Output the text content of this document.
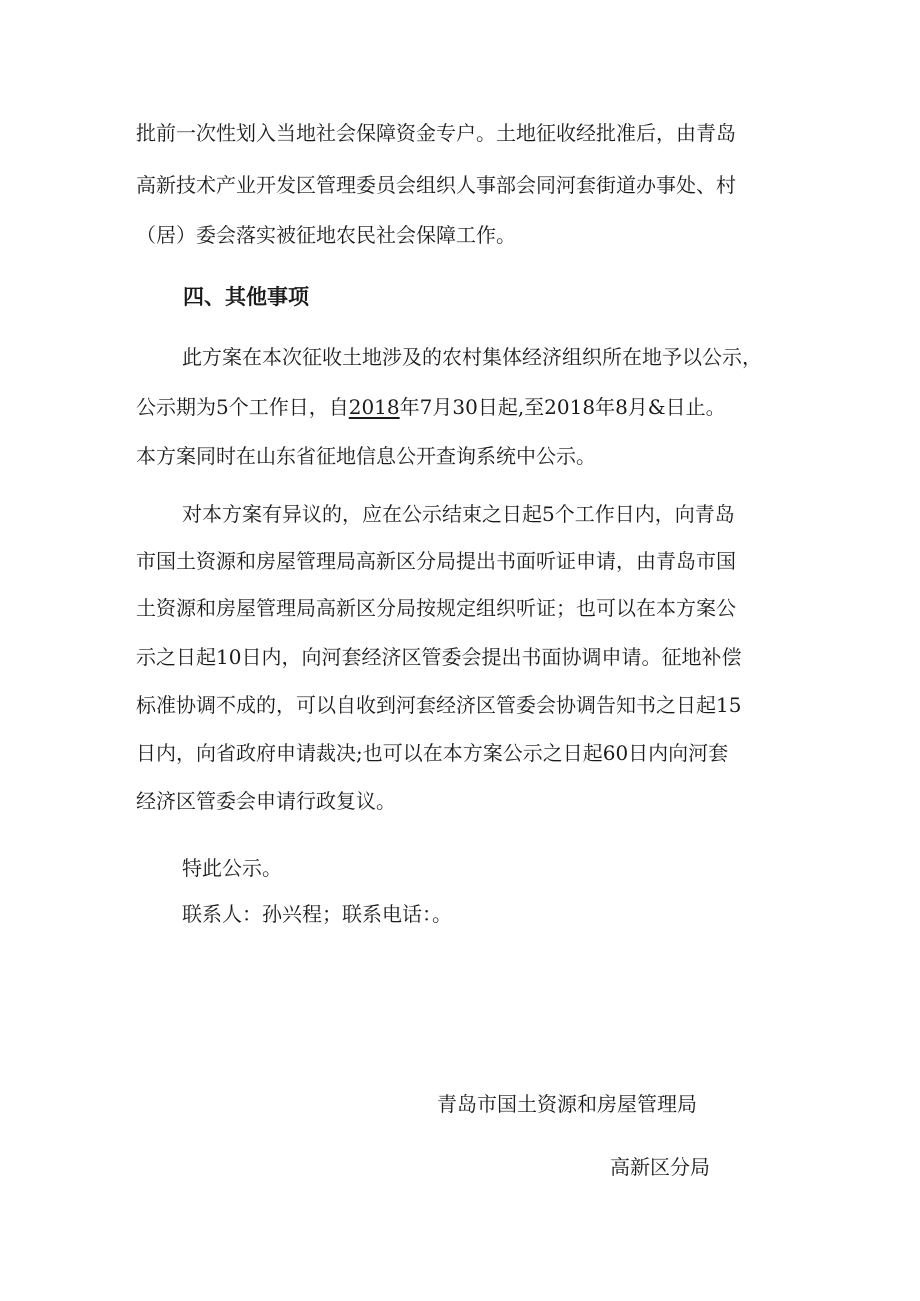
批前一次性划入当地社会保障资金专户。土地征收经批准后，由青岛
高新技术产业开发区管理委员会组织人事部会同河套街道办事处、村
（居）委会落实被征地农民社会保障工作。
四、其他事项
此方案在本次征收土地涉及的农村集体经济组织所在地予以公示，
公示期为5个工作日，自2018年7月30日起,至2018年8月&日止。
本方案同时在山东省征地信息公开查询系统中公示。
对本方案有异议的，应在公示结束之日起5个工作日内，向青岛
市国土资源和房屋管理局高新区分局提出书面听证申请，由青岛市国
土资源和房屋管理局高新区分局按规定组织听证；也可以在本方案公
示之日起10日内，向河套经济区管委会提出书面协调申请。征地补偿
标准协调不成的，可以自收到河套经济区管委会协调告知书之日起15
日内，向省政府申请裁决;也可以在本方案公示之日起60日内向河套
经济区管委会申请行政复议。
特此公示。
联系人：孙兴程；联系电话：。
青岛市国土资源和房屋管理局
高新区分局
